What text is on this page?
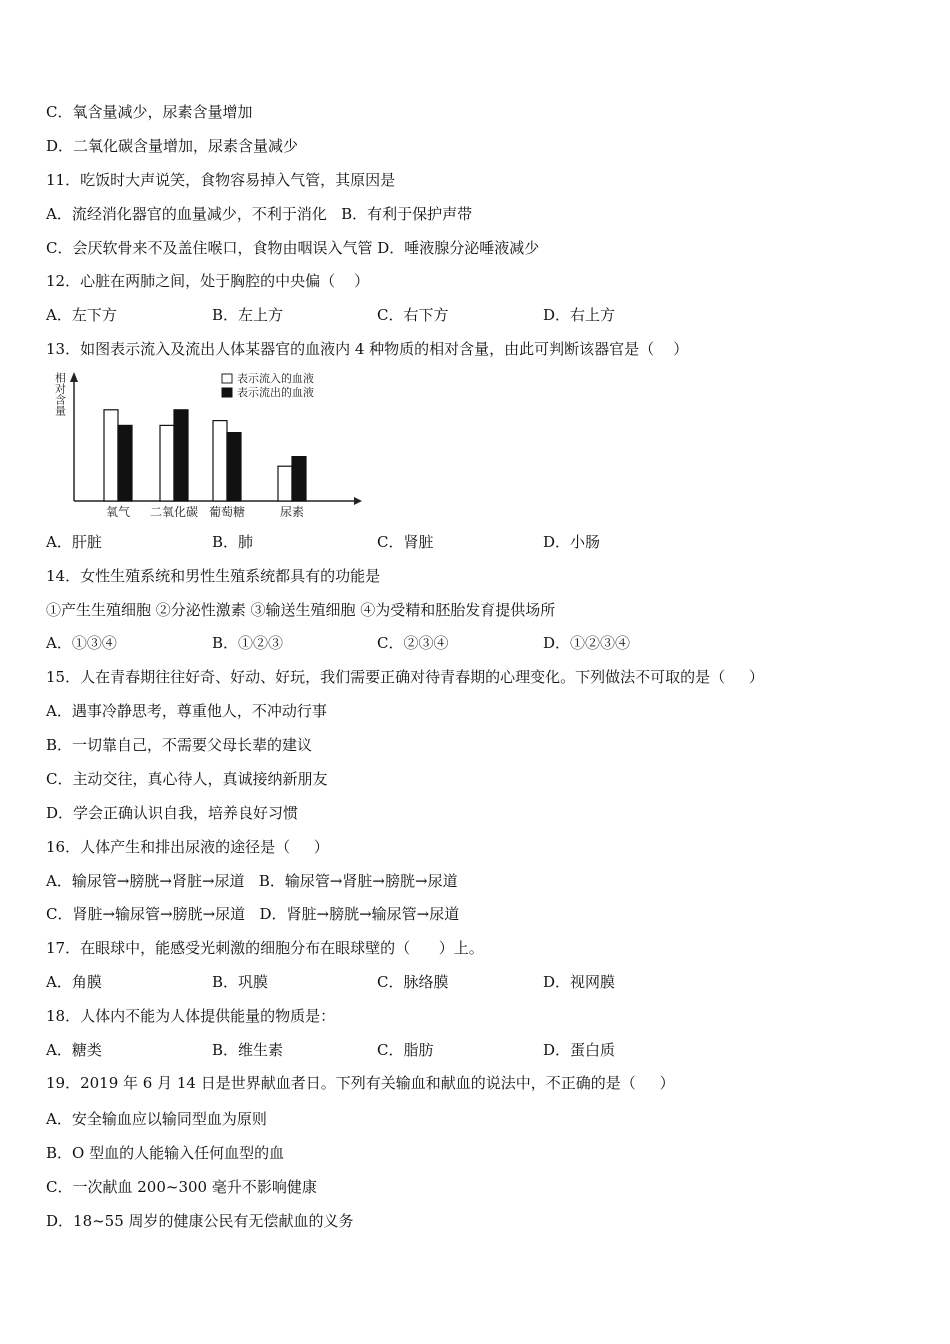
C．氧含量减少，尿素含量增加
D．二氧化碳含量增加，尿素含量减少
11．吃饭时大声说笑，食物容易掉入气管，其原因是
A．流经消化器官的血量减少，不利于消化   B．有利于保护声带
C．会厌软骨来不及盖住喉口，食物由咽误入气管 D．唾液腺分泌唾液减少
12．心脏在两肺之间，处于胸腔的中央偏（    ）
A．左下方	B．左上方	C．右下方	D．右上方
13．如图表示流入及流出人体某器官的血液内 4 种物质的相对含量，由此可判断该器官是（    ）
相对含量	表示流入的血液
表示流出的血液
氧气 二氧化碳 葡萄糖	尿素
A．肝脏	B．肺	C．肾脏	D．小肠
14．女性生殖系统和男性生殖系统都具有的功能是
①产生生殖细胞 ②分泌性激素 ③输送生殖细胞 ④为受精和胚胎发育提供场所
A．①③④	B．①②③	C．②③④	D．①②③④
15．人在青春期往往好奇、好动、好玩，我们需要正确对待青春期的心理变化。下列做法不可取的是（     ）
A．遇事冷静思考，尊重他人，不冲动行事
B．一切靠自己，不需要父母长辈的建议
C．主动交往，真心待人，真诚接纳新朋友
D．学会正确认识自我，培养良好习惯
16．人体产生和排出尿液的途径是（     ）
A．输尿管→膀胱→肾脏→尿道   B．输尿管→肾脏→膀胱→尿道
C．肾脏→输尿管→膀胱→尿道   D．肾脏→膀胱→输尿管→尿道
17．在眼球中，能感受光刺激的细胞分布在眼球壁的（      ）上。
A．角膜	B．巩膜	C．脉络膜	D．视网膜
18．人体内不能为人体提供能量的物质是：
A．糖类	B．维生素	C．脂肪	D．蛋白质
19．2019 年 6 月 14 日是世界献血者日。下列有关输血和献血的说法中，不正确的是（     ）
A．安全输血应以输同型血为原则
B．O 型血的人能输入任何血型的血
C．一次献血 200~300 毫升不影响健康
D．18~55 周岁的健康公民有无偿献血的义务
